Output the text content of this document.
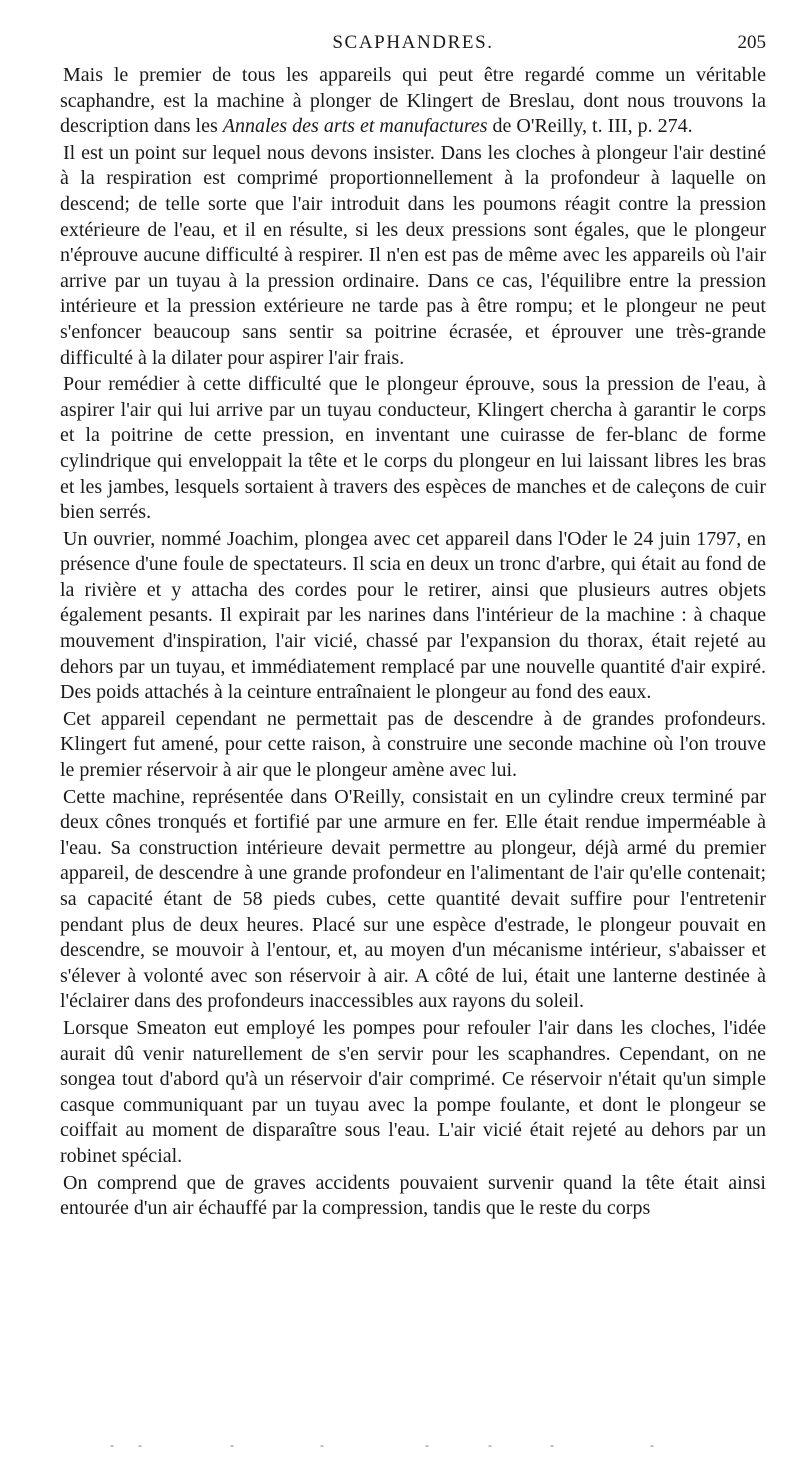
SCAPHANDRES.	205

Mais le premier de tous les appareils qui peut être regardé comme un véritable scaphandre, est la machine à plonger de Klingert de Breslau, dont nous trouvons la description dans les Annales des arts et manufactures de O'Reilly, t. III, p. 274.

Il est un point sur lequel nous devons insister. Dans les cloches à plongeur l'air destiné à la respiration est comprimé proportionnellement à la profondeur à laquelle on descend; de telle sorte que l'air introduit dans les poumons réagit contre la pression extérieure de l'eau, et il en résulte, si les deux pressions sont égales, que le plongeur n'éprouve aucune difficulté à respirer. Il n'en est pas de même avec les appareils où l'air arrive par un tuyau à la pression ordinaire. Dans ce cas, l'équilibre entre la pression intérieure et la pression extérieure ne tarde pas à être rompu; et le plongeur ne peut s'enfoncer beaucoup sans sentir sa poitrine écrasée, et éprouver une très-grande difficulté à la dilater pour aspirer l'air frais.

Pour remédier à cette difficulté que le plongeur éprouve, sous la pression de l'eau, à aspirer l'air qui lui arrive par un tuyau conducteur, Klingert chercha à garantir le corps et la poitrine de cette pression, en inventant une cuirasse de fer-blanc de forme cylindrique qui enveloppait la tête et le corps du plongeur en lui laissant libres les bras et les jambes, lesquels sortaient à travers des espèces de manches et de caleçons de cuir bien serrés.

Un ouvrier, nommé Joachim, plongea avec cet appareil dans l'Oder le 24 juin 1797, en présence d'une foule de spectateurs. Il scia en deux un tronc d'arbre, qui était au fond de la rivière et y attacha des cordes pour le retirer, ainsi que plusieurs autres objets également pesants. Il expirait par les narines dans l'intérieur de la machine : à chaque mouvement d'inspiration, l'air vicié, chassé par l'expansion du thorax, était rejeté au dehors par un tuyau, et immédiatement remplacé par une nouvelle quantité d'air expiré. Des poids attachés à la ceinture entraînaient le plongeur au fond des eaux.

Cet appareil cependant ne permettait pas de descendre à de grandes profondeurs. Klingert fut amené, pour cette raison, à construire une seconde machine où l'on trouve le premier réservoir à air que le plongeur amène avec lui.

Cette machine, représentée dans O'Reilly, consistait en un cylindre creux terminé par deux cônes tronqués et fortifié par une armure en fer. Elle était rendue imperméable à l'eau. Sa construction intérieure devait permettre au plongeur, déjà armé du premier appareil, de descendre à une grande profondeur en l'alimentant de l'air qu'elle contenait; sa capacité étant de 58 pieds cubes, cette quantité devait suffire pour l'entretenir pendant plus de deux heures. Placé sur une espèce d'estrade, le plongeur pouvait en descendre, se mouvoir à l'entour, et, au moyen d'un mécanisme intérieur, s'abaisser et s'élever à volonté avec son réservoir à air. A côté de lui, était une lanterne destinée à l'éclairer dans des profondeurs inaccessibles aux rayons du soleil.

Lorsque Smeaton eut employé les pompes pour refouler l'air dans les cloches, l'idée aurait dû venir naturellement de s'en servir pour les scaphandres. Cependant, on ne songea tout d'abord qu'à un réservoir d'air comprimé. Ce réservoir n'était qu'un simple casque communiquant par un tuyau avec la pompe foulante, et dont le plongeur se coiffait au moment de disparaître sous l'eau. L'air vicié était rejeté au dehors par un robinet spécial.

On comprend que de graves accidents pouvaient survenir quand la tête était ainsi entourée d'un air échauffé par la compression, tandis que le reste du corps

- -	-	-	-	-	-	-
